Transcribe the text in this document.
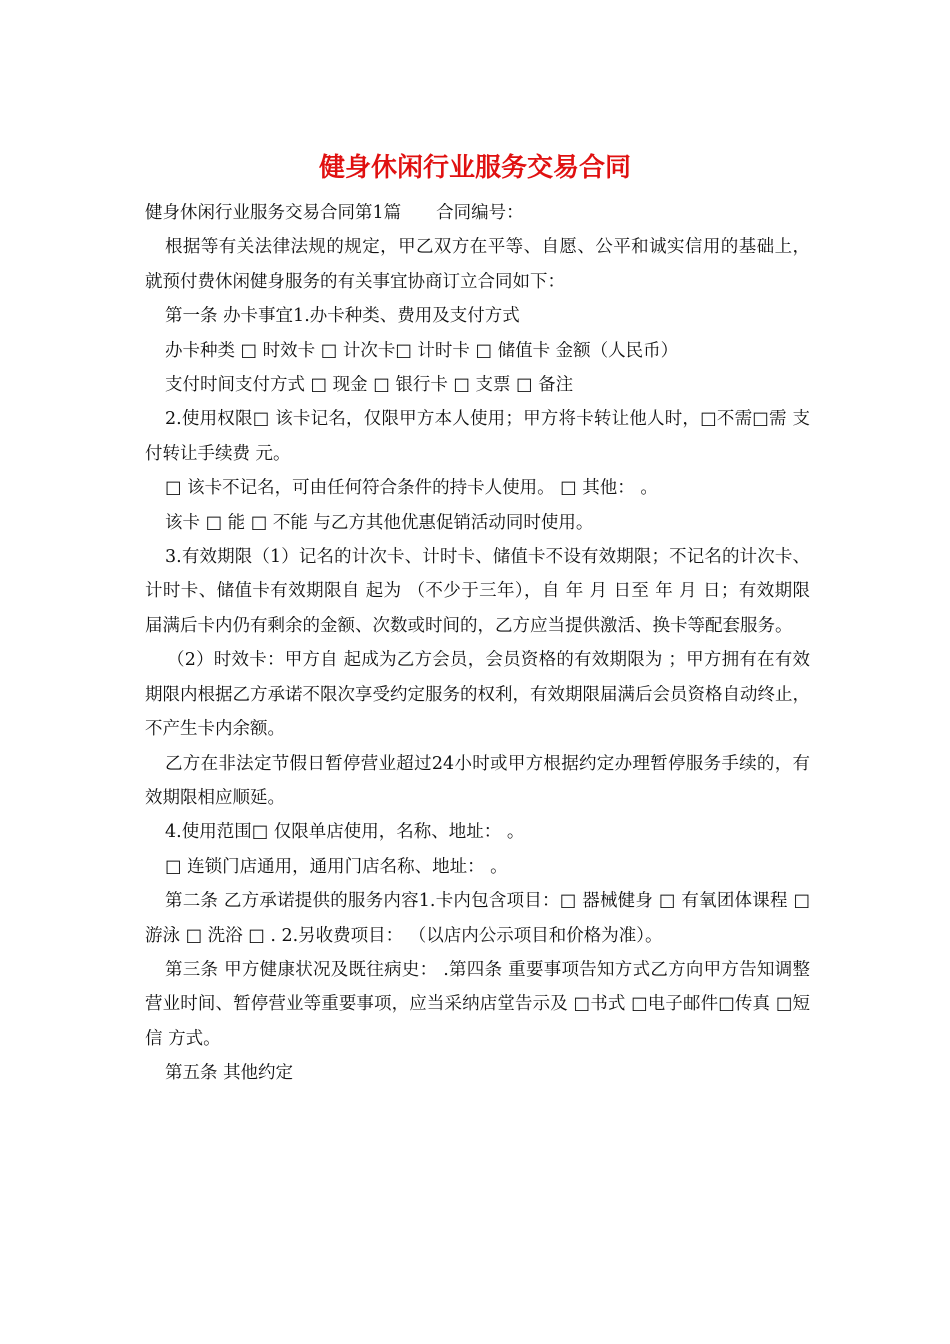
健身休闲行业服务交易合同

健身休闲行业服务交易合同第1篇　　合同编号：

根据等有关法律法规的规定，甲乙双方在平等、自愿、公平和诚实信用的基础上，就预付费休闲健身服务的有关事宜协商订立合同如下：

第一条 办卡事宜1.办卡种类、费用及支付方式

办卡种类 □ 时效卡 □ 计次卡□ 计时卡 □ 储值卡 金额（人民币）

支付时间支付方式 □ 现金 □ 银行卡 □ 支票 □ 备注

2.使用权限□ 该卡记名，仅限甲方本人使用；甲方将卡转让他人时，□不需□需 支付转让手续费 元。

□ 该卡不记名，可由任何符合条件的持卡人使用。 □ 其他： 。

该卡 □ 能 □ 不能 与乙方其他优惠促销活动同时使用。

3.有效期限（1）记名的计次卡、计时卡、储值卡不设有效期限；不记名的计次卡、计时卡、储值卡有效期限自 起为 （不少于三年），自 年 月 日至 年 月 日；有效期限届满后卡内仍有剩余的金额、次数或时间的，乙方应当提供激活、换卡等配套服务。

（2）时效卡：甲方自 起成为乙方会员，会员资格的有效期限为 ；甲方拥有在有效期限内根据乙方承诺不限次享受约定服务的权利，有效期限届满后会员资格自动终止，不产生卡内余额。

乙方在非法定节假日暂停营业超过24小时或甲方根据约定办理暂停服务手续的，有效期限相应顺延。

4.使用范围□ 仅限单店使用，名称、地址： 。

□ 连锁门店通用，通用门店名称、地址： 。

第二条 乙方承诺提供的服务内容1.卡内包含项目：□ 器械健身 □ 有氧团体课程 □ 游泳 □ 洗浴 □ . 2.另收费项目： （以店内公示项目和价格为准）。

第三条 甲方健康状况及既往病史： .第四条 重要事项告知方式乙方向甲方告知调整营业时间、暂停营业等重要事项，应当采纳店堂告示及 □书式 □电子邮件□传真 □短信 方式。

第五条 其他约定
